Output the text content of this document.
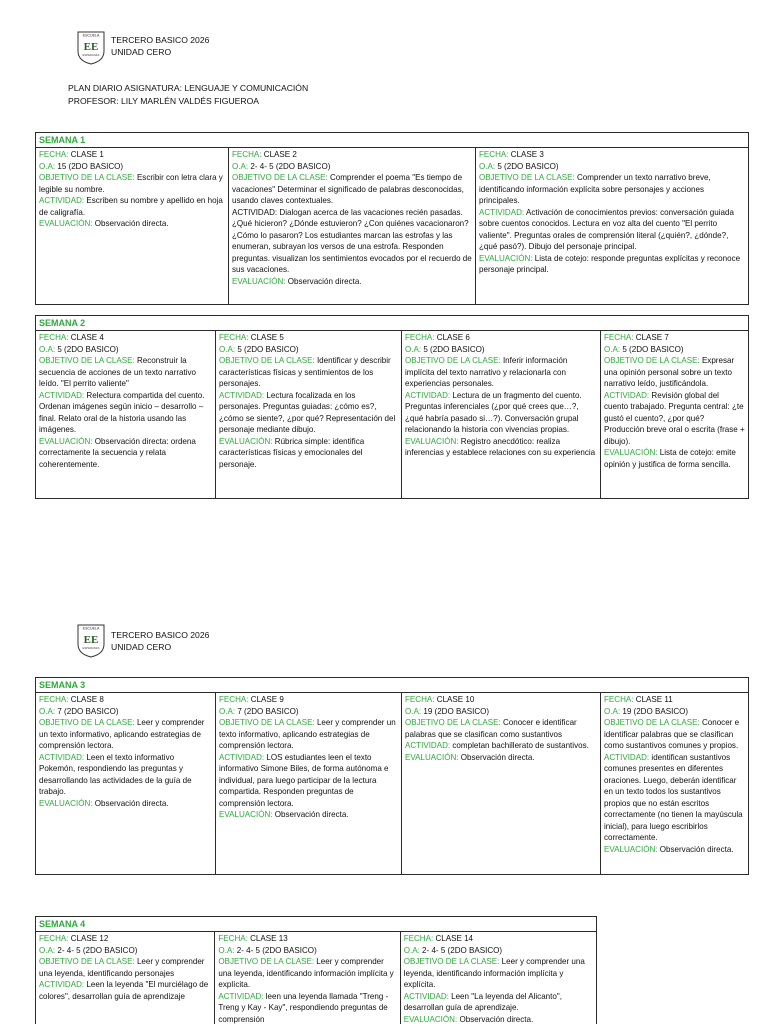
ESCUELA
EE
ESPERANZA
TERCERO BASICO 2026
UNIDAD CERO
PLAN DIARIO ASIGNATURA: LENGUAJE Y COMUNICACIÓN
PROFESOR: LILY MARLÉN VALDÉS FIGUEROA
ESCUELA
EE
ESPERANZA
TERCERO BASICO 2026
UNIDAD CERO
SEMANA 1
FECHA: CLASE 1
O.A: 15 (2DO BASICO)
OBJETIVO DE LA CLASE: Escribir con letra clara y legible su nombre.
ACTIVIDAD: Escriben su nombre y apellido en hoja de caligrafía.
EVALUACIÓN: Observación directa.
FECHA: CLASE 2
O.A: 2- 4- 5 (2DO BASICO)
OBJETIVO DE LA CLASE: Comprender el poema "Es tiempo de vacaciones" Determinar el significado de palabras desconocidas, usando claves contextuales.
ACTIVIDAD: Dialogan acerca de las vacaciones recién pasadas. ¿Qué hicieron? ¿Dónde estuvieron? ¿Con quiénes vacacionaron? ¿Cómo lo pasaron? Los estudiantes marcan las estrofas y las enumeran, subrayan los versos de una estrofa. Responden preguntas. visualizan los sentimientos evocados por el recuerdo de sus vacaciones.
EVALUACIÓN: Observación directa.
FECHA: CLASE 3
O.A: 5 (2DO BASICO)
OBJETIVO DE LA CLASE: Comprender un texto narrativo breve, identificando información explícita sobre personajes y acciones principales.
ACTIVIDAD: Activación de conocimientos previos: conversación guiada sobre cuentos conocidos. Lectura en voz alta del cuento "El perrito valiente". Preguntas orales de comprensión literal (¿quién?, ¿dónde?, ¿qué pasó?). Dibujo del personaje principal.
EVALUACIÓN: Lista de cotejo: responde preguntas explícitas y reconoce personaje principal.
SEMANA 2
FECHA: CLASE 4
O.A: 5 (2DO BASICO)
OBJETIVO DE LA CLASE: Reconstruir la secuencia de acciones de un texto narrativo leído. "El perrito valiente"
ACTIVIDAD: Relectura compartida del cuento. Ordenan imágenes según inicio – desarrollo – final. Relato oral de la historia usando las imágenes.
EVALUACIÓN: Observación directa: ordena correctamente la secuencia y relata coherentemente.
FECHA: CLASE 5
O.A: 5 (2DO BASICO)
OBJETIVO DE LA CLASE: Identificar y describir características físicas y sentimientos de los personajes.
ACTIVIDAD: Lectura focalizada en los personajes. Preguntas guiadas: ¿cómo es?, ¿cómo se siente?, ¿por qué? Representación del personaje mediante dibujo.
EVALUACIÓN: Rúbrica simple: identifica características físicas y emocionales del personaje.
FECHA: CLASE 6
O.A: 5 (2DO BASICO)
OBJETIVO DE LA CLASE: Inferir información implícita del texto narrativo y relacionarla con experiencias personales.
ACTIVIDAD: Lectura de un fragmento del cuento. Preguntas inferenciales (¿por qué crees que…?, ¿qué habría pasado si…?). Conversación grupal relacionando la historia con vivencias propias.
EVALUACIÓN: Registro anecdótico: realiza inferencias y establece relaciones con su experiencia
FECHA: CLASE 7
O.A: 5 (2DO BASICO)
OBJETIVO DE LA CLASE: Expresar una opinión personal sobre un texto narrativo leído, justificándola.
ACTIVIDAD: Revisión global del cuento trabajado. Pregunta central: ¿te gustó el cuento?, ¿por qué? Producción breve oral o escrita (frase + dibujo).
EVALUACIÓN: Lista de cotejo: emite opinión y justifica de forma sencilla.
SEMANA 3
FECHA: CLASE 8
O.A: 7 (2DO BASICO)
OBJETIVO DE LA CLASE: Leer y comprender un texto informativo, aplicando estrategias de comprensión lectora.
ACTIVIDAD: Leen el texto informativo Pokemón, respondiendo las preguntas y desarrollando las actividades de la guía de trabajo.
EVALUACIÓN: Observación directa.
FECHA: CLASE 9
O.A: 7 (2DO BASICO)
OBJETIVO DE LA CLASE: Leer y comprender un texto informativo, aplicando estrategias de comprensión lectora.
ACTIVIDAD: LOS estudiantes leen el texto informativo Simone Biles, de forma autónoma e individual, para luego participar de la lectura compartida. Responden preguntas de comprensión lectora.
EVALUACIÓN: Observación directa.
FECHA: CLASE 10
O.A: 19 (2DO BASICO)
OBJETIVO DE LA CLASE: Conocer e identificar palabras que se clasifican como sustantivos
ACTIVIDAD: completan bachillerato de sustantivos.
EVALUACIÓN: Observación directa.
FECHA: CLASE 11
O.A: 19 (2DO BASICO)
OBJETIVO DE LA CLASE: Conocer e identificar palabras que se clasifican como sustantivos comunes y propios.
ACTIVIDAD: identifican sustantivos comunes presentes en diferentes oraciones. Luego, deberán identificar en un texto todos los sustantivos propios que no están escritos correctamente (no tienen la mayúscula inicial), para luego escribirlos correctamente.
EVALUACIÓN: Observación directa.
SEMANA 4
FECHA: CLASE 12
O.A: 2- 4- 5 (2DO BASICO)
OBJETIVO DE LA CLASE: Leer y comprender una leyenda, identificando personajes
ACTIVIDAD: Leen la leyenda "El murciélago de colores", desarrollan guía de aprendizaje
FECHA: CLASE 13
O.A: 2- 4- 5 (2DO BASICO)
OBJETIVO DE LA CLASE: Leer y comprender una leyenda, identificando información implícita y explícita.
ACTIVIDAD: leen una leyenda llamada "Treng - Treng y Kay - Kay", respondiendo preguntas de comprensión
FECHA: CLASE 14
O.A: 2- 4- 5 (2DO BASICO)
OBJETIVO DE LA CLASE: Leer y comprender una leyenda, identificando información implícita y explícita.
ACTIVIDAD: Leen "La leyenda del Alicanto", desarrollan guía de aprendizaje.
EVALUACIÓN: Observación directa.
